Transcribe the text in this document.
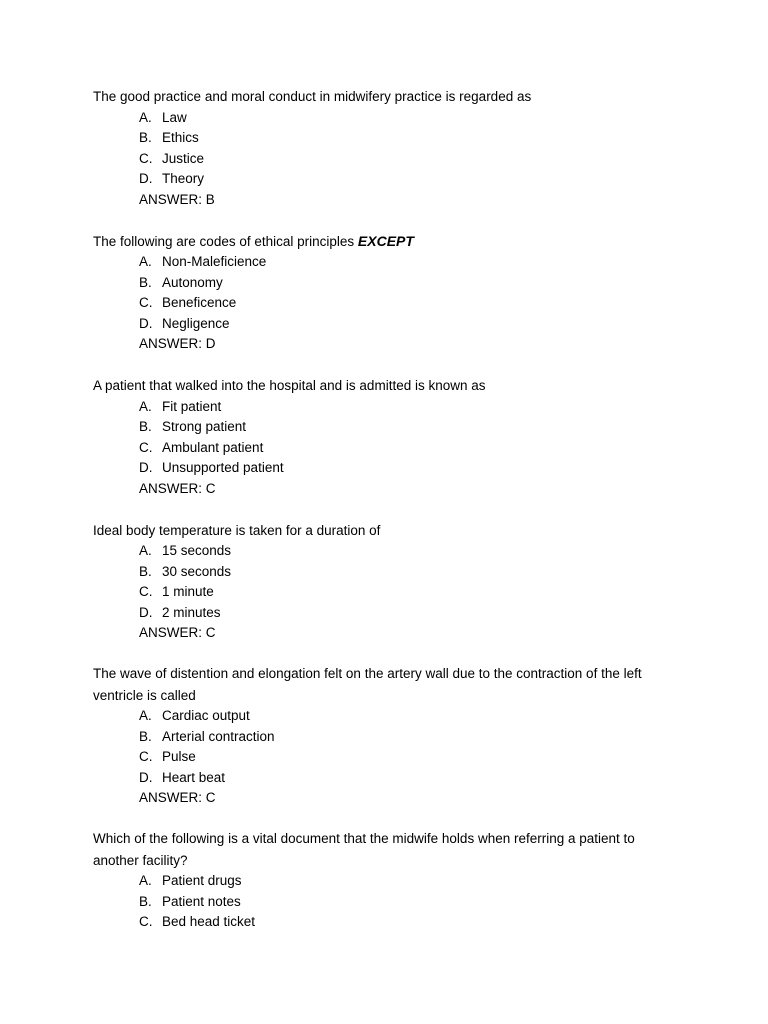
The good practice and moral conduct in midwifery practice is regarded as

A. Law
B. Ethics
C. Justice
D. Theory
ANSWER: B

The following are codes of ethical principles EXCEPT

A. Non-Maleficience
B. Autonomy
C. Beneficence
D. Negligence
ANSWER: D

A patient that walked into the hospital and is admitted is known as

A. Fit patient
B. Strong patient
C. Ambulant patient
D. Unsupported patient
ANSWER: C

Ideal body temperature is taken for a duration of

A. 15 seconds
B. 30 seconds
C. 1 minute
D. 2 minutes
ANSWER: C

The wave of distention and elongation felt on the artery wall due to the contraction of the left ventricle is called

A. Cardiac output
B. Arterial contraction
C. Pulse
D. Heart beat
ANSWER: C

Which of the following is a vital document that the midwife holds when referring a patient to another facility?

A. Patient drugs
B. Patient notes
C. Bed head ticket
